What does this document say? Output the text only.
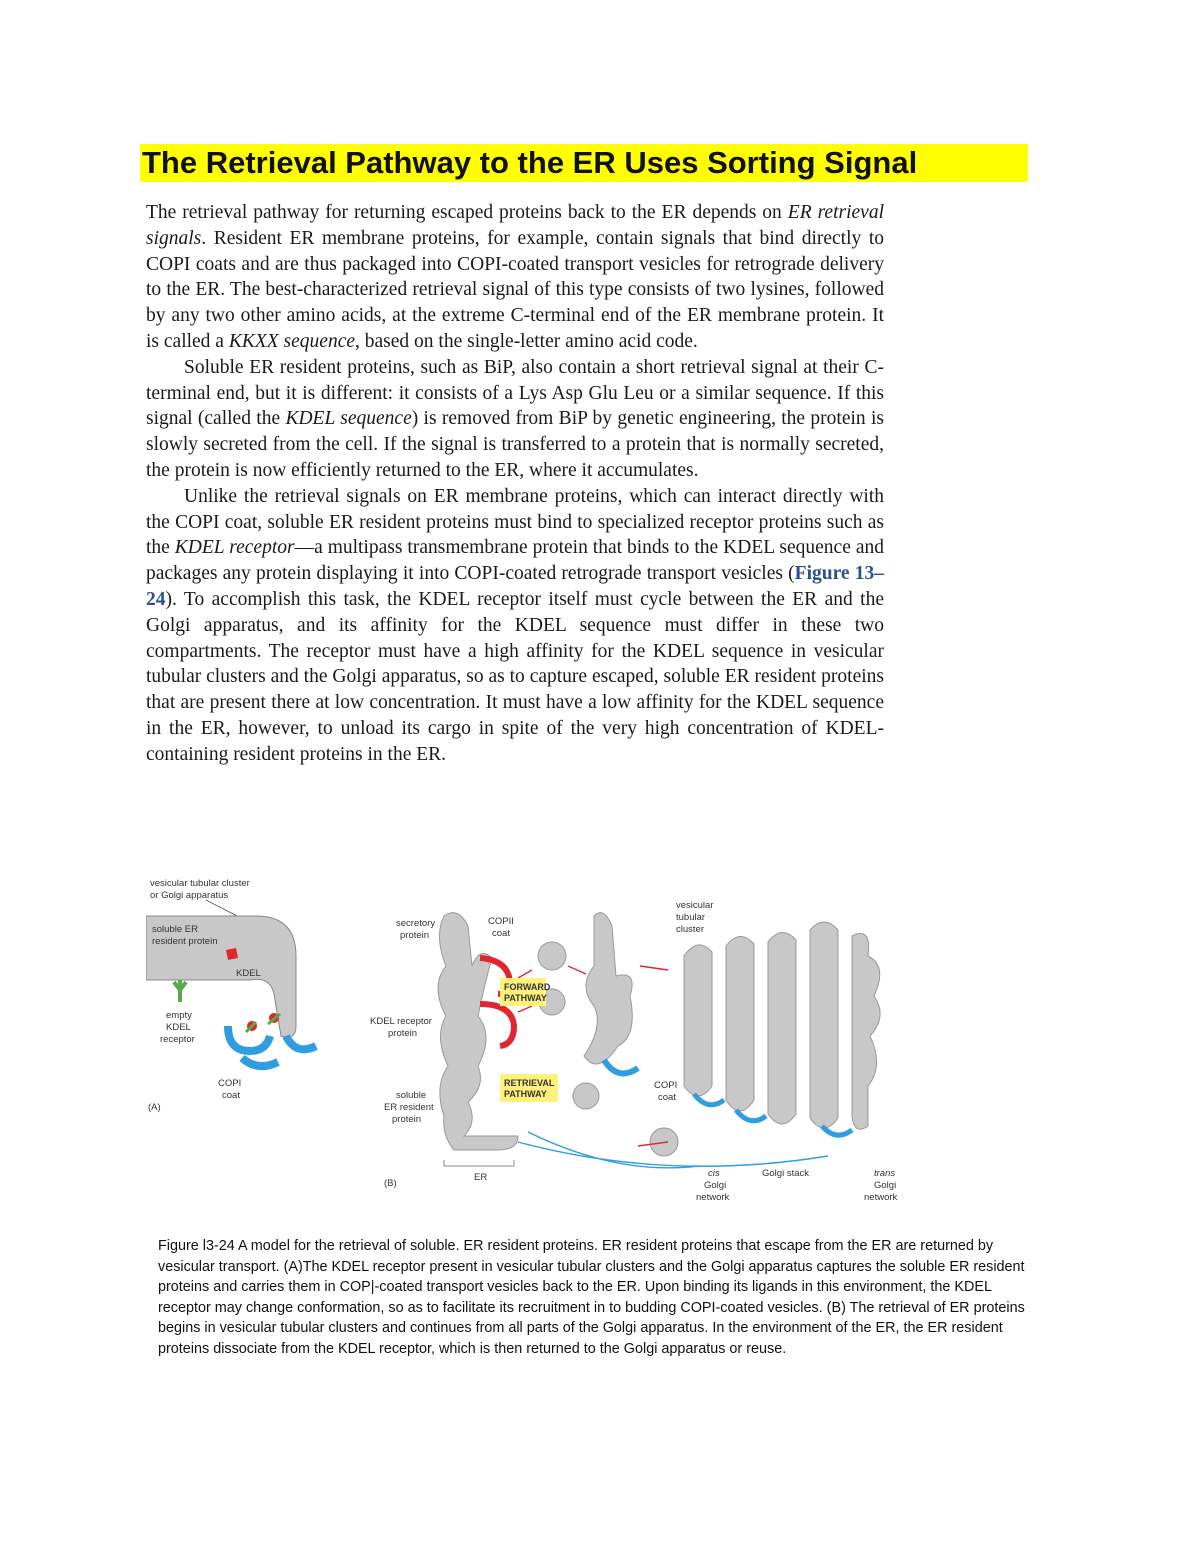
The Retrieval Pathway to the ER Uses Sorting Signal

The retrieval pathway for returning escaped proteins back to the ER depends on ER retrieval signals. Resident ER membrane proteins, for example, contain signals that bind directly to COPI coats and are thus packaged into COPI-coated transport vesicles for retrograde delivery to the ER. The best-characterized retrieval signal of this type consists of two lysines, followed by any two other amino acids, at the extreme C-terminal end of the ER membrane protein. It is called a KKXX sequence, based on the single-letter amino acid code.

Soluble ER resident proteins, such as BiP, also contain a short retrieval signal at their C-terminal end, but it is different: it consists of a Lys Asp Glu Leu or a similar sequence. If this signal (called the KDEL sequence) is removed from BiP by genetic engineering, the protein is slowly secreted from the cell. If the signal is transferred to a protein that is normally secreted, the protein is now efficiently returned to the ER, where it accumulates.

Unlike the retrieval signals on ER membrane proteins, which can interact directly with the COPI coat, soluble ER resident proteins must bind to specialized receptor proteins such as the KDEL receptor—a multipass transmembrane protein that binds to the KDEL sequence and packages any protein displaying it into COPI-coated retrograde transport vesicles (Figure 13–24). To accomplish this task, the KDEL receptor itself must cycle between the ER and the Golgi apparatus, and its affinity for the KDEL sequence must differ in these two compartments. The receptor must have a high affinity for the KDEL sequence in vesicular tubular clusters and the Golgi apparatus, so as to capture escaped, soluble ER resident proteins that are present there at low concentration. It must have a low affinity for the KDEL sequence in the ER, however, to unload its cargo in spite of the very high concentration of KDEL-containing resident proteins in the ER.

vesicular tubular cluster
or Golgi apparatus
soluble ER
resident protein
KDEL
empty
KDEL
receptor
COPI
coat
(A)
FORWARD
PATHWAY
RETRIEVAL
PATHWAY
secretory
protein
COPII
coat
vesicular
tubular
cluster
KDEL receptor
protein
COPI
coat
soluble
ER resident
protein
ER	cis
Golgi
network
Golgi stack	trans
Golgi
network
(B)
Figure l3-24 A model for the retrieval of soluble. ER resident proteins. ER resident proteins that escape from the ER are returned by vesicular transport. (A)The KDEL receptor present in vesicular tubular clusters and the Golgi apparatus captures the soluble ER resident proteins and carries them in COP|-coated transport vesicles back to the ER. Upon binding its ligands in this environment, the KDEL receptor may change conformation, so as to facilitate its recruitment in to budding COPI-coated vesicles. (B) The retrieval of ER proteins begins in vesicular tubular clusters and continues from all parts of the Golgi apparatus. In the environment of the ER, the ER resident proteins dissociate from the KDEL receptor, which is then returned to the Golgi apparatus or reuse.
